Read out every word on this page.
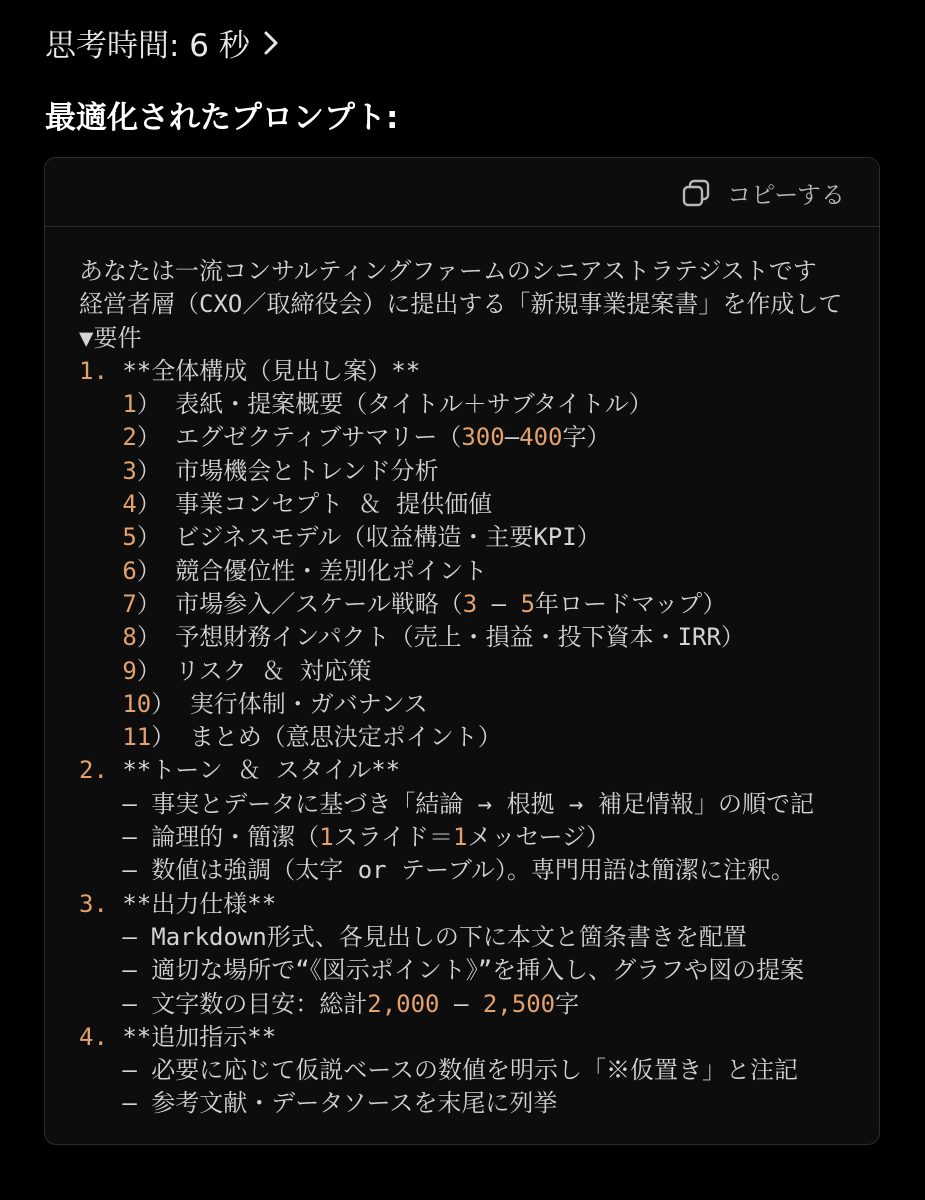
思考時間: 6 秒
最適化されたプロンプト:
コピーする
あなたは一流コンサルティングファームのシニアストラテジストです
経営者層（CXO／取締役会）に提出する「新規事業提案書」を作成して
▼要件
1. **全体構成（見出し案）**
1） 表紙・提案概要（タイトル＋サブタイトル）
2） エグゼクティブサマリー（300–400字）
3） 市場機会とトレンド分析
4） 事業コンセプト ＆ 提供価値
5） ビジネスモデル（収益構造・主要KPI）
6） 競合優位性・差別化ポイント
7） 市場参入／スケール戦略（3 – 5年ロードマップ）
8） 予想財務インパクト（売上・損益・投下資本・IRR）
9） リスク ＆ 対応策
10） 実行体制・ガバナンス
11） まとめ（意思決定ポイント）
2. **トーン ＆ スタイル**
– 事実とデータに基づき「結論 → 根拠 → 補足情報」の順で記
– 論理的・簡潔（1スライド＝1メッセージ）
– 数値は強調（太字 or テーブル）。専門用語は簡潔に注釈。
3. **出力仕様**
– Markdown形式、各見出しの下に本文と箇条書きを配置
– 適切な場所で“《図示ポイント》”を挿入し、グラフや図の提案
– 文字数の目安：総計2,000 – 2,500字
4. **追加指示**
– 必要に応じて仮説ベースの数値を明示し「※仮置き」と注記
– 参考文献・データソースを末尾に列挙
